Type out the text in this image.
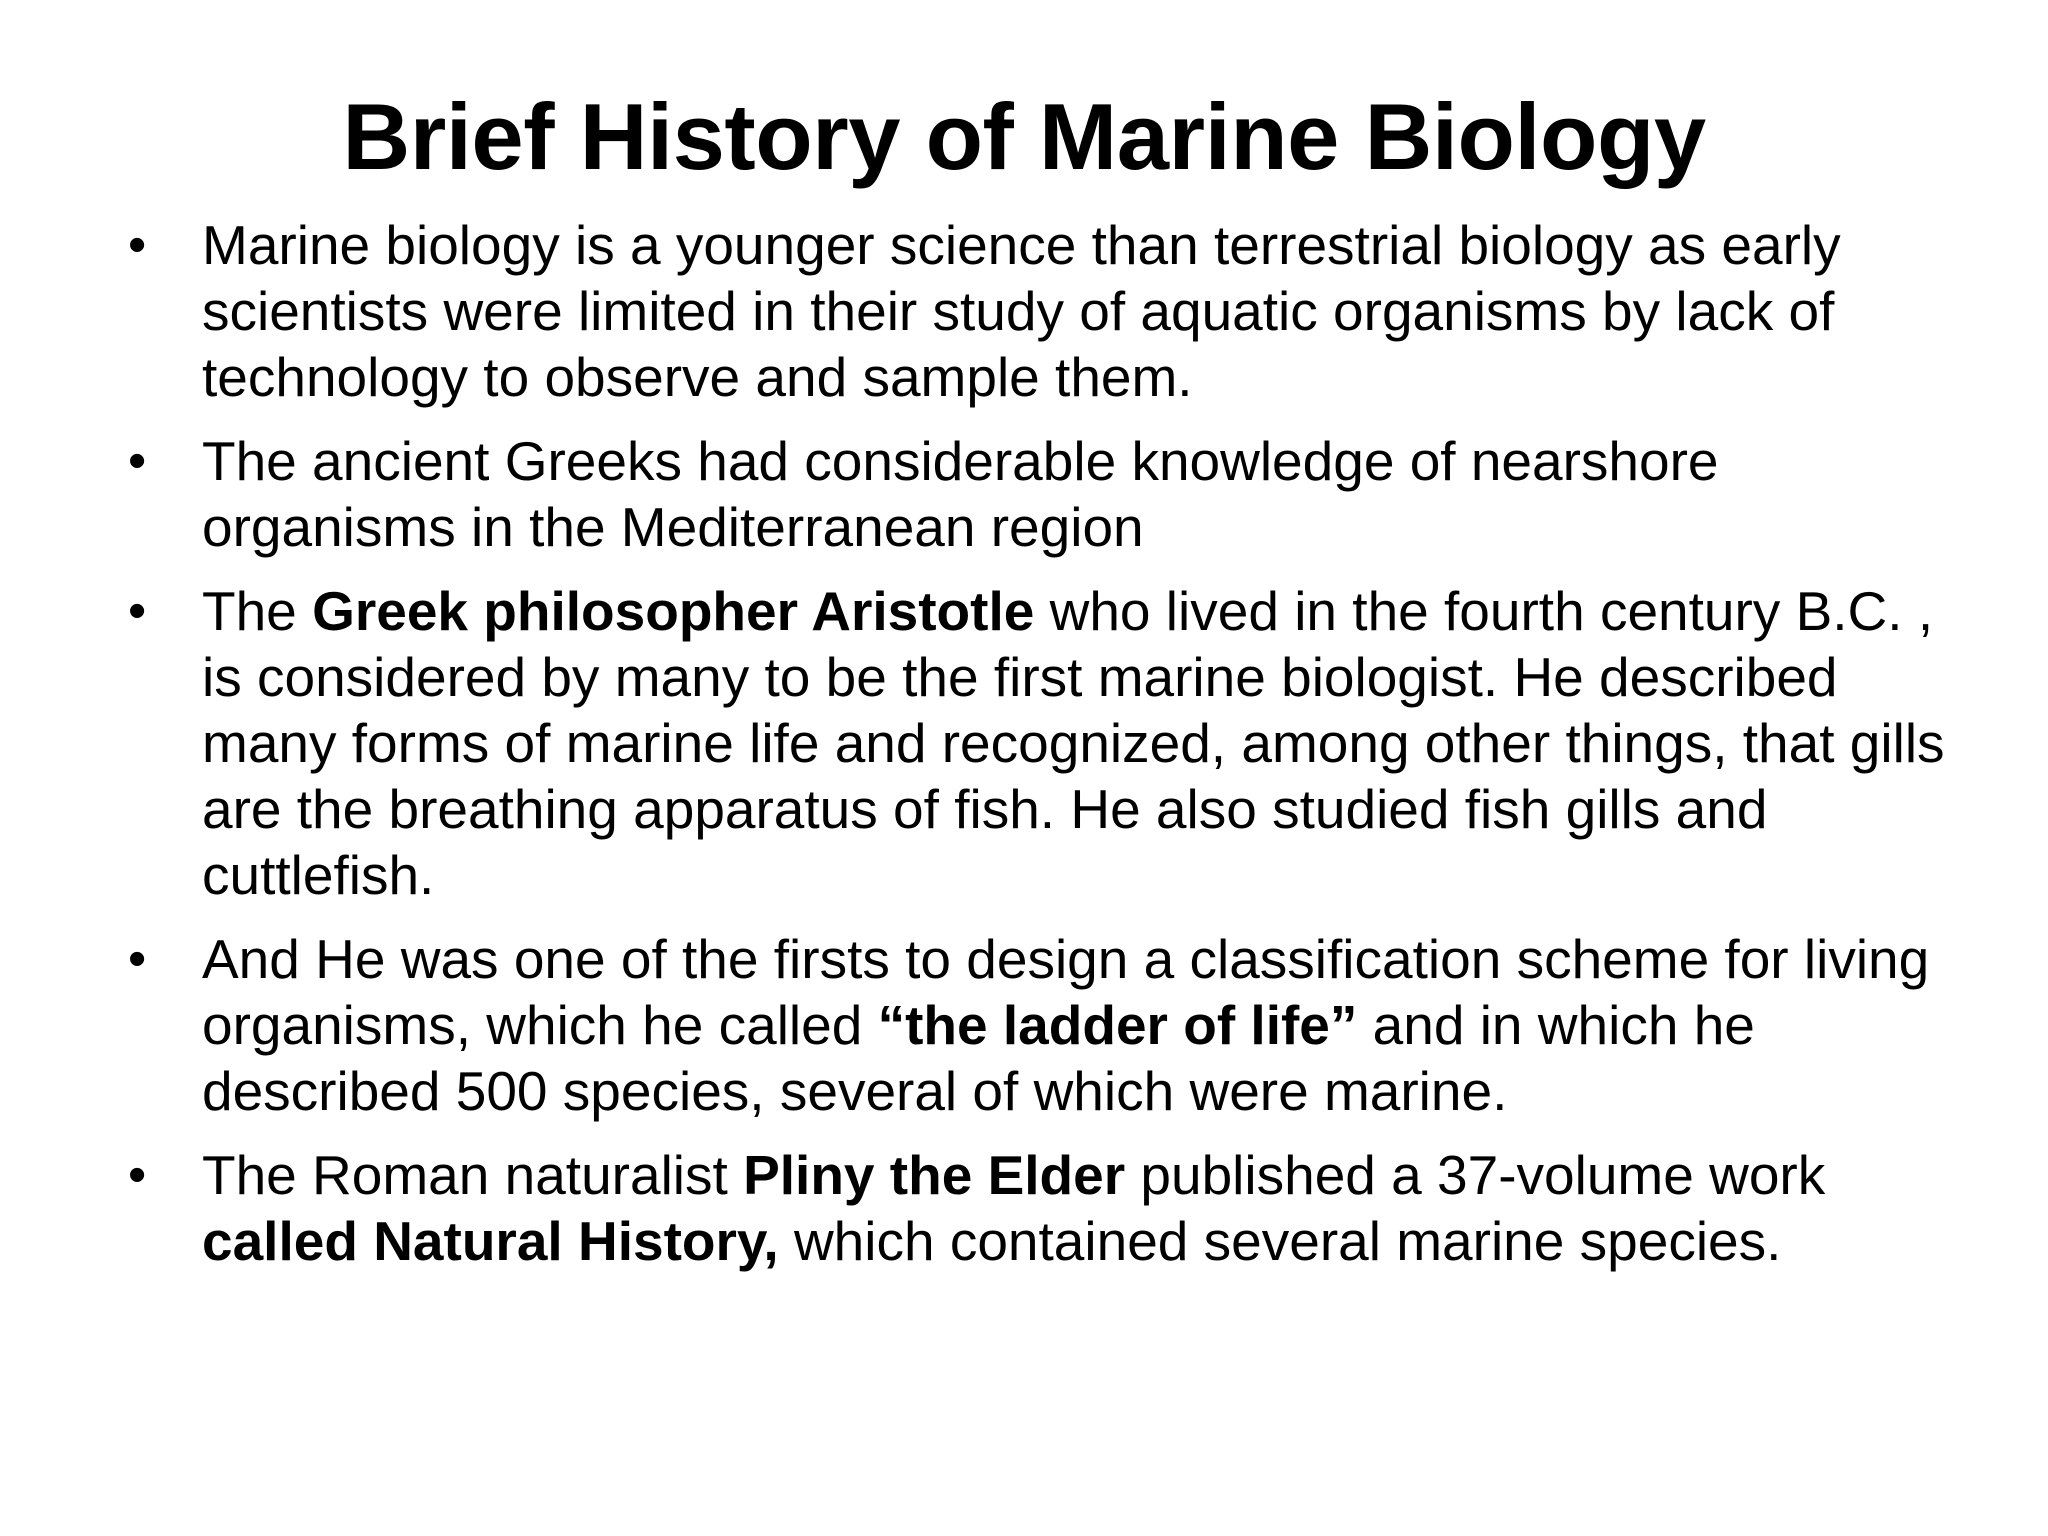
Brief History of Marine Biology
• Marine biology is a younger science than terrestrial biology as early scientists were limited in their study of aquatic organisms by lack of technology to observe and sample them.
• The ancient Greeks had considerable knowledge of nearshore organisms in the Mediterranean region
• The Greek philosopher Aristotle who lived in the fourth century B.C. , is considered by many to be the first marine biologist. He described many forms of marine life and recognized, among other things, that gills are the breathing apparatus of fish. He also studied fish gills and cuttlefish.
• And He was one of the firsts to design a classification scheme for living organisms, which he called “the ladder of life” and in which he described 500 species, several of which were marine.
• The Roman naturalist Pliny the Elder published a 37-volume work called Natural History, which contained several marine species.
